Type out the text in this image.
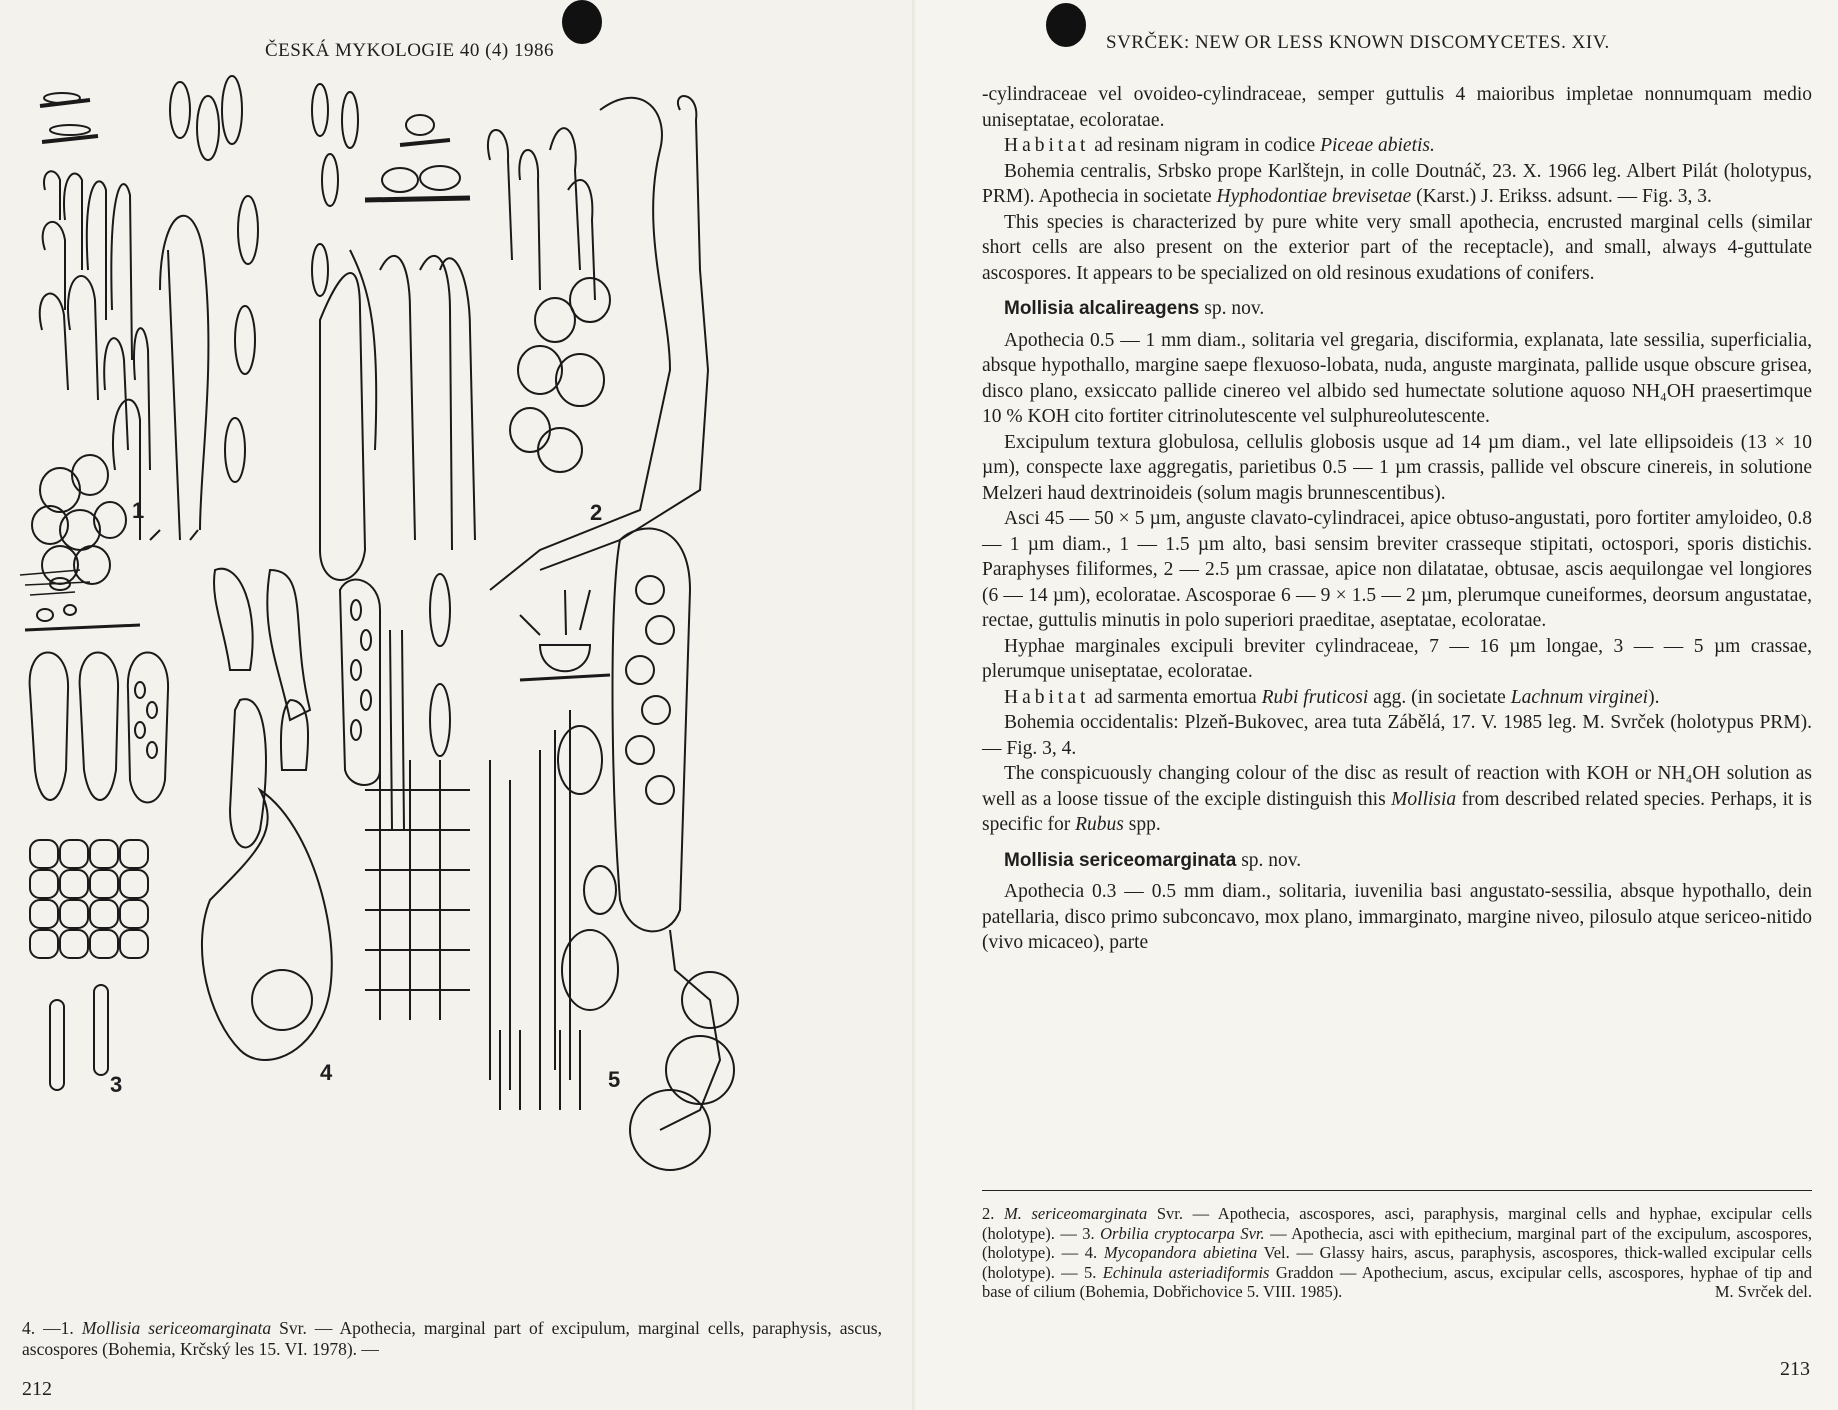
ČESKÁ MYKOLOGIE 40 (4) 1986
1	2
3	4	5
4. —1. Mollisia sericeomarginata Svr. — Apothecia, marginal part of excipulum, marginal cells, paraphysis, ascus, ascospores (Bohemia, Krčský les 15. VI. 1978). —
212
SVRČEK: NEW OR LESS KNOWN DISCOMYCETES. XIV.
213

-cylindraceae vel ovoideo-cylindraceae, semper guttulis 4 maioribus impletae nonnumquam medio uniseptatae, ecoloratae.

Habitat ad resinam nigram in codice Piceae abietis.

Bohemia centralis, Srbsko prope Karlštejn, in colle Doutnáč, 23. X. 1966 leg. Albert Pilát (holotypus, PRM). Apothecia in societate Hyphodontiae brevisetae (Karst.) J. Erikss. adsunt. — Fig. 3, 3.

This species is characterized by pure white very small apothecia, encrusted marginal cells (similar short cells are also present on the exterior part of the receptacle), and small, always 4-guttulate ascospores. It appears to be specialized on old resinous exudations of conifers.

Mollisia alcalireagens sp. nov.

Apothecia 0.5 — 1 mm diam., solitaria vel gregaria, disciformia, explanata, late sessilia, superficialia, absque hypothallo, margine saepe flexuoso-lobata, nuda, anguste marginata, pallide usque obscure grisea, disco plano, exsiccato pallide cinereo vel albido sed humectate solutione aquoso NH₄OH praesertimque 10 % KOH cito fortiter citrinolutescente vel sulphureolutescente.

Excipulum textura globulosa, cellulis globosis usque ad 14 µm diam., vel late ellipsoideis (13 × 10 µm), conspecte laxe aggregatis, parietibus 0.5 — 1 µm crassis, pallide vel obscure cinereis, in solutione Melzeri haud dextrinoideis (solum magis brunnescentibus).

Asci 45 — 50 × 5 µm, anguste clavato-cylindracei, apice obtuso-angustati, poro fortiter amyloideo, 0.8 — 1 µm diam., 1 — 1.5 µm alto, basi sensim breviter crasseque stipitati, octospori, sporis distichis. Paraphyses filiformes, 2 — 2.5 µm crassae, apice non dilatatae, obtusae, ascis aequilongae vel longiores (6 — 14 µm), ecoloratae. Ascosporae 6 — 9 × 1.5 — 2 µm, plerumque cuneiformes, deorsum angustatae, rectae, guttulis minutis in polo superiori praeditae, aseptatae, ecoloratae.

Hyphae marginales excipuli breviter cylindraceae, 7 — 16 µm longae, 3 — — 5 µm crassae, plerumque uniseptatae, ecoloratae.

Habitat ad sarmenta emortua Rubi fruticosi agg. (in societate Lachnum virginei).

Bohemia occidentalis: Plzeň-Bukovec, area tuta Zábělá, 17. V. 1985 leg. M. Svrček (holotypus PRM). — Fig. 3, 4.

The conspicuously changing colour of the disc as result of reaction with KOH or NH₄OH solution as well as a loose tissue of the exciple distinguish this Mollisia from described related species. Perhaps, it is specific for Rubus spp.

Mollisia sericeomarginata sp. nov.

Apothecia 0.3 — 0.5 mm diam., solitaria, iuvenilia basi angustato-sessilia, absque hypothallo, dein patellaria, disco primo subconcavo, mox plano, immarginato, margine niveo, pilosulo atque sericeo-nitido (vivo micaceo), parte

2. M. sericeomarginata Svr. — Apothecia, ascospores, asci, paraphysis, marginal cells and hyphae, excipular cells (holotype). — 3. Orbilia cryptocarpa Svr. — Apothecia, asci with epithecium, marginal part of the excipulum, ascospores, (holotype). — 4. Mycopandora abietina Vel. — Glassy hairs, ascus, paraphysis, ascospores, thick-walled excipular cells (holotype). — 5. Echinula asteriadiformis Graddon — Apothecium, ascus, excipular cells, ascospores, hyphae of tip and base of cilium (Bohemia, Dobřichovice 5. VIII. 1985).	M. Svrček del.
